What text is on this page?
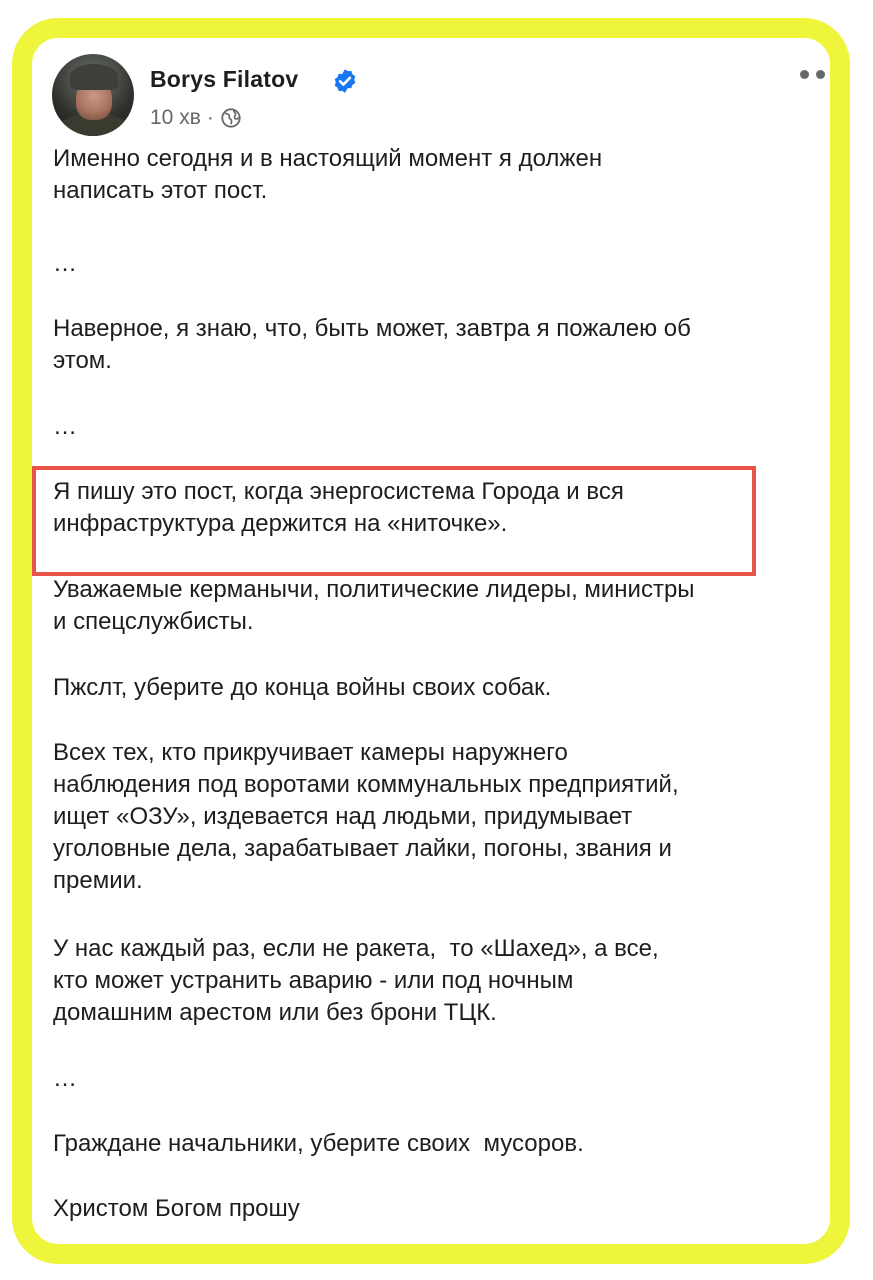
Borys Filatov
10 хв ·

Именно сегодня и в настоящий момент я должен
написать этот пост.

…

Наверное, я знаю, что, быть может, завтра я пожалею об
этом.

…

Я пишу это пост, когда энергосистема Города и вся
инфраструктура держится на «ниточке».

Уважаемые керманычи, политические лидеры, министры
и спецслужбисты.

Пжслт, уберите до конца войны своих собак.

Всех тех, кто прикручивает камеры наружнего
наблюдения под воротами коммунальных предприятий,
ищет «ОЗУ», издевается над людьми, придумывает
уголовные дела, зарабатывает лайки, погоны, звания и
премии.

У нас каждый раз, если не ракета,  то «Шахед», а все,
кто может устранить аварию - или под ночным
домашним арестом или без брони ТЦК.

…

Граждане начальники, уберите своих  мусоров.

Христом Богом прошу
